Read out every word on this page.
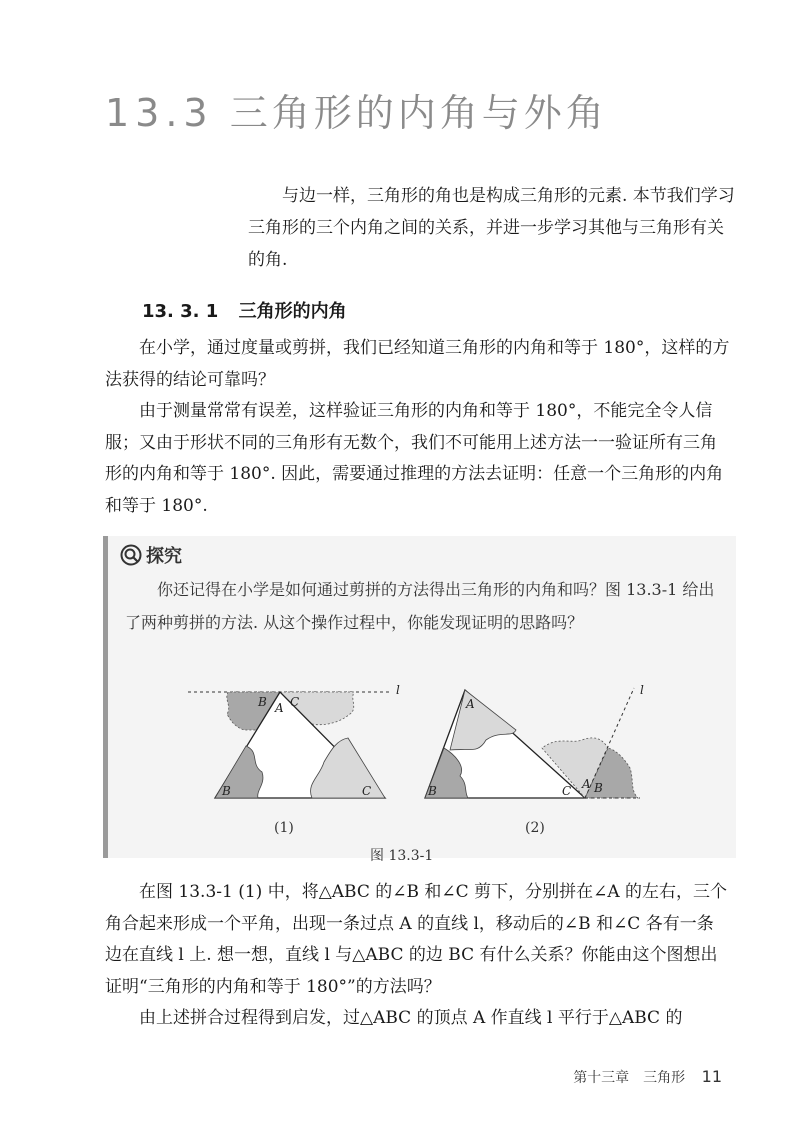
13.3 三角形的内角与外角

与边一样，三角形的角也是构成三角形的元素. 本节我们学习三角形的三个内角之间的关系，并进一步学习其他与三角形有关的角.

13. 3. 1 三角形的内角

在小学，通过度量或剪拼，我们已经知道三角形的内角和等于 180°，这样的方法获得的结论可靠吗？

由于测量常常有误差，这样验证三角形的内角和等于 180°，不能完全令人信服；又由于形状不同的三角形有无数个，我们不可能用上述方法一一验证所有三角形的内角和等于 180°. 因此，需要通过推理的方法去证明：任意一个三角形的内角和等于 180°.

探究

你还记得在小学是如何通过剪拼的方法得出三角形的内角和吗？图 13.3-1 给出了两种剪拼的方法. 从这个操作过程中，你能发现证明的思路吗？

B A C
l
B	C
A
l
B	C A B
(1)	(2)
图 13.3-1

在图 13.3-1 (1) 中，将△ABC 的∠B 和∠C 剪下，分别拼在∠A 的左右，三个角合起来形成一个平角，出现一条过点 A 的直线 l，移动后的∠B 和∠C 各有一条边在直线 l 上. 想一想，直线 l 与△ABC 的边 BC 有什么关系？你能由这个图想出证明“三角形的内角和等于 180°”的方法吗？

由上述拼合过程得到启发，过△ABC 的顶点 A 作直线 l 平行于△ABC 的

第十三章　三角形 11
